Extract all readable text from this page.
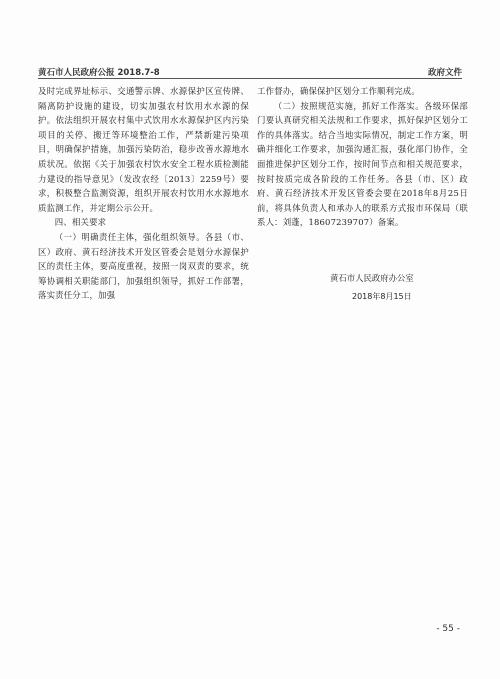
黄石市人民政府公报 2018.7-8	政府文件

及时完成界址标示、交通警示牌、水源保护区宣传牌、隔离防护设施的建设，切实加强农村饮用水水源的保护。依法组织开展农村集中式饮用水水源保护区内污染项目的关停、搬迁等环境整治工作，严禁新建污染项目，明确保护措施，加强污染防治，稳步改善水源地水质状况。依据《关于加强农村饮水安全工程水质检测能力建设的指导意见》（发改农经〔2013〕2259号）要求，积极整合监测资源，组织开展农村饮用水水源地水质监测工作，并定期公示公开。

四、相关要求

（一）明确责任主体，强化组织领导。各县（市、区）政府、黄石经济技术开发区管委会是划分水源保护区的责任主体，要高度重视，按照一岗双责的要求，统筹协调相关职能部门，加强组织领导，抓好工作部署，落实责任分工，加强

工作督办，确保保护区划分工作顺利完成。

（二）按照规范实施，抓好工作落实。各级环保部门要认真研究相关法规和工作要求，抓好保护区划分工作的具体落实。结合当地实际情况，制定工作方案，明确并细化工作要求，加强沟通汇报，强化部门协作，全面推进保护区划分工作，按时间节点和相关规范要求，按时按质完成各阶段的工作任务。各县（市、区）政府、黄石经济技术开发区管委会要在2018年8月25日前，将具体负责人和承办人的联系方式报市环保局（联系人：刘蓬，18607239707）备案。

黄石市人民政府办公室
2018年8月15日
- 55 -
